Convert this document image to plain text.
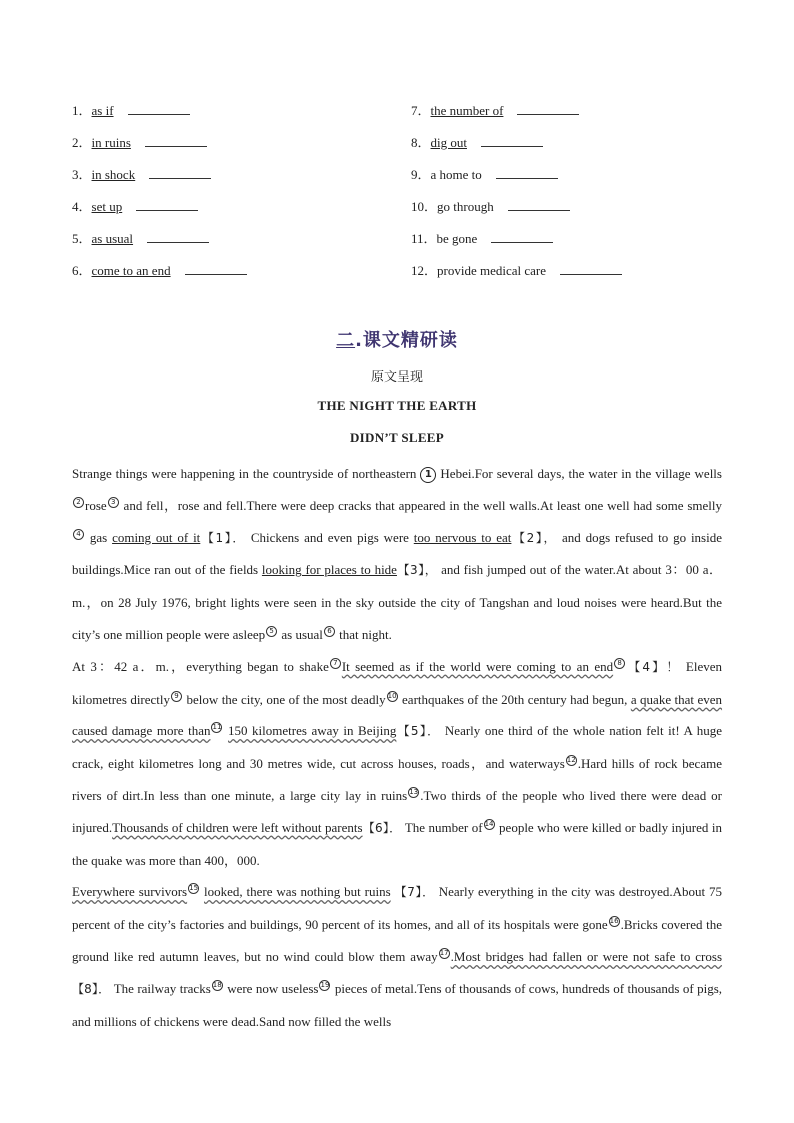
1．as if
2．in ruins
3．in shock
4．set up
5．as usual
6．come to an end
7．the number of
8．dig out
9．a home to
10．go through
11．be gone
12．provide medical care
二.课文精研读
原文呈现
THE NIGHT THE EARTH
DIDN’T SLEEP

Strange things were happening in the countryside of northeastern 1 Hebei.For several days, the water in the village wells$^2$ rose $^3$ and fell，rose and fell.There were deep cracks that appeared in the well walls.At least one well had some smelly$^4$ gas coming out of it【1】． Chickens and even pigs were too nervous to eat【2】， and dogs refused to go inside buildings.Mice ran out of the fields looking for places to hide【3】， and fish jumped out of the water.At about 3：00 a．m.，on 28 July 1976, bright lights were seen in the sky outside the city of Tangshan and loud noises were heard.But the city’s one million people were asleep $^5$ as usual $^6$ that night.

At 3：42 a．m.，everything began to shake $^7$ It seemed as if the world were coming to an end $^8$ 【4】！ Eleven kilometres directly $^9$ below the city, one of the most deadly $^{10}$ earthquakes of the 20th century had begun, a quake that even caused damage more than $^{11}$ 150 kilometres away in Beijing【5】． Nearly one third of the whole nation felt it! A huge crack, eight kilometres long and 30 metres wide, cut across houses, roads，and waterways $^{12}$ .Hard hills of rock became rivers of dirt.In less than one minute, a large city lay in ruins $^{13}$ .Two thirds of the people who lived there were dead or injured.Thousands of children were left without parents【6】． The number of $^{14}$ people who were killed or badly injured in the quake was more than 400，000.

Everywhere survivors $^{15}$ looked, there was nothing but ruins 【7】． Nearly everything in the city was destroyed.About 75 percent of the city’s factories and buildings, 90 percent of its homes, and all of its hospitals were gone $^{16}$ .Bricks covered the ground like red autumn leaves, but no wind could blow them away $^{17}$ .Most bridges had fallen or were not safe to cross【8】． The railway tracks $^{18}$ were now useless $^{19}$ pieces of metal.Tens of thousands of cows, hundreds of thousands of pigs, and millions of chickens were dead.Sand now filled the wells
